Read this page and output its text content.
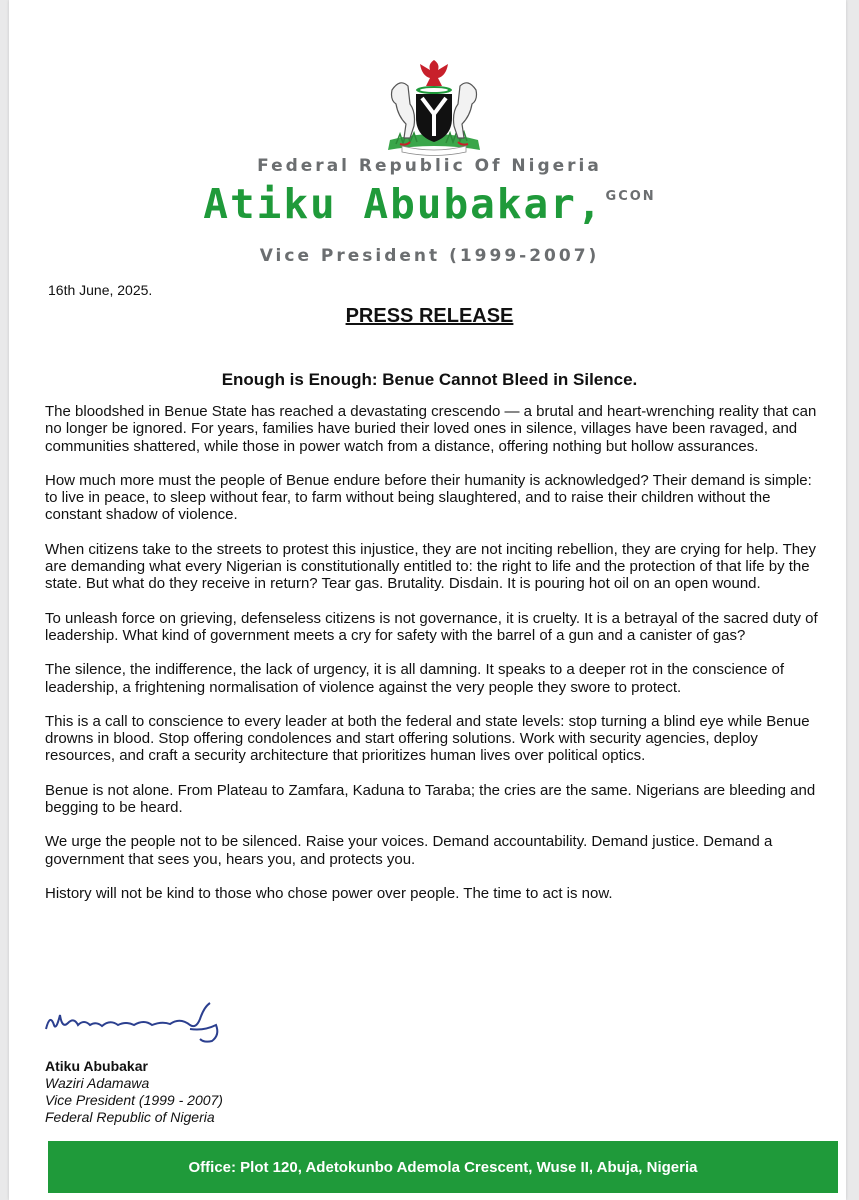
Federal Republic Of Nigeria
Atiku Abubakar, $^{GCON}$
Vice President (1999-2007)
16th June, 2025.
PRESS RELEASE
Enough is Enough: Benue Cannot Bleed in Silence.

The bloodshed in Benue State has reached a devastating crescendo — a brutal and heart-wrenching reality that can no longer be ignored. For years, families have buried their loved ones in silence, villages have been ravaged, and communities shattered, while those in power watch from a distance, offering nothing but hollow assurances.

How much more must the people of Benue endure before their humanity is acknowledged? Their demand is simple: to live in peace, to sleep without fear, to farm without being slaughtered, and to raise their children without the constant shadow of violence.

When citizens take to the streets to protest this injustice, they are not inciting rebellion, they are crying for help. They are demanding what every Nigerian is constitutionally entitled to: the right to life and the protection of that life by the state. But what do they receive in return? Tear gas. Brutality. Disdain. It is pouring hot oil on an open wound.

To unleash force on grieving, defenseless citizens is not governance, it is cruelty. It is a betrayal of the sacred duty of leadership. What kind of government meets a cry for safety with the barrel of a gun and a canister of gas?

The silence, the indifference, the lack of urgency, it is all damning. It speaks to a deeper rot in the conscience of leadership, a frightening normalisation of violence against the very people they swore to protect.

This is a call to conscience to every leader at both the federal and state levels: stop turning a blind eye while Benue drowns in blood. Stop offering condolences and start offering solutions. Work with security agencies, deploy resources, and craft a security architecture that prioritizes human lives over political optics.

Benue is not alone. From Plateau to Zamfara, Kaduna to Taraba; the cries are the same. Nigerians are bleeding and begging to be heard.

We urge the people not to be silenced. Raise your voices. Demand accountability. Demand justice. Demand a government that sees you, hears you, and protects you.

History will not be kind to those who chose power over people. The time to act is now.

Atiku Abubakar
Waziri Adamawa
Vice President (1999 - 2007)
Federal Republic of Nigeria
Office: Plot 120, Adetokunbo Ademola Crescent, Wuse II, Abuja, Nigeria
